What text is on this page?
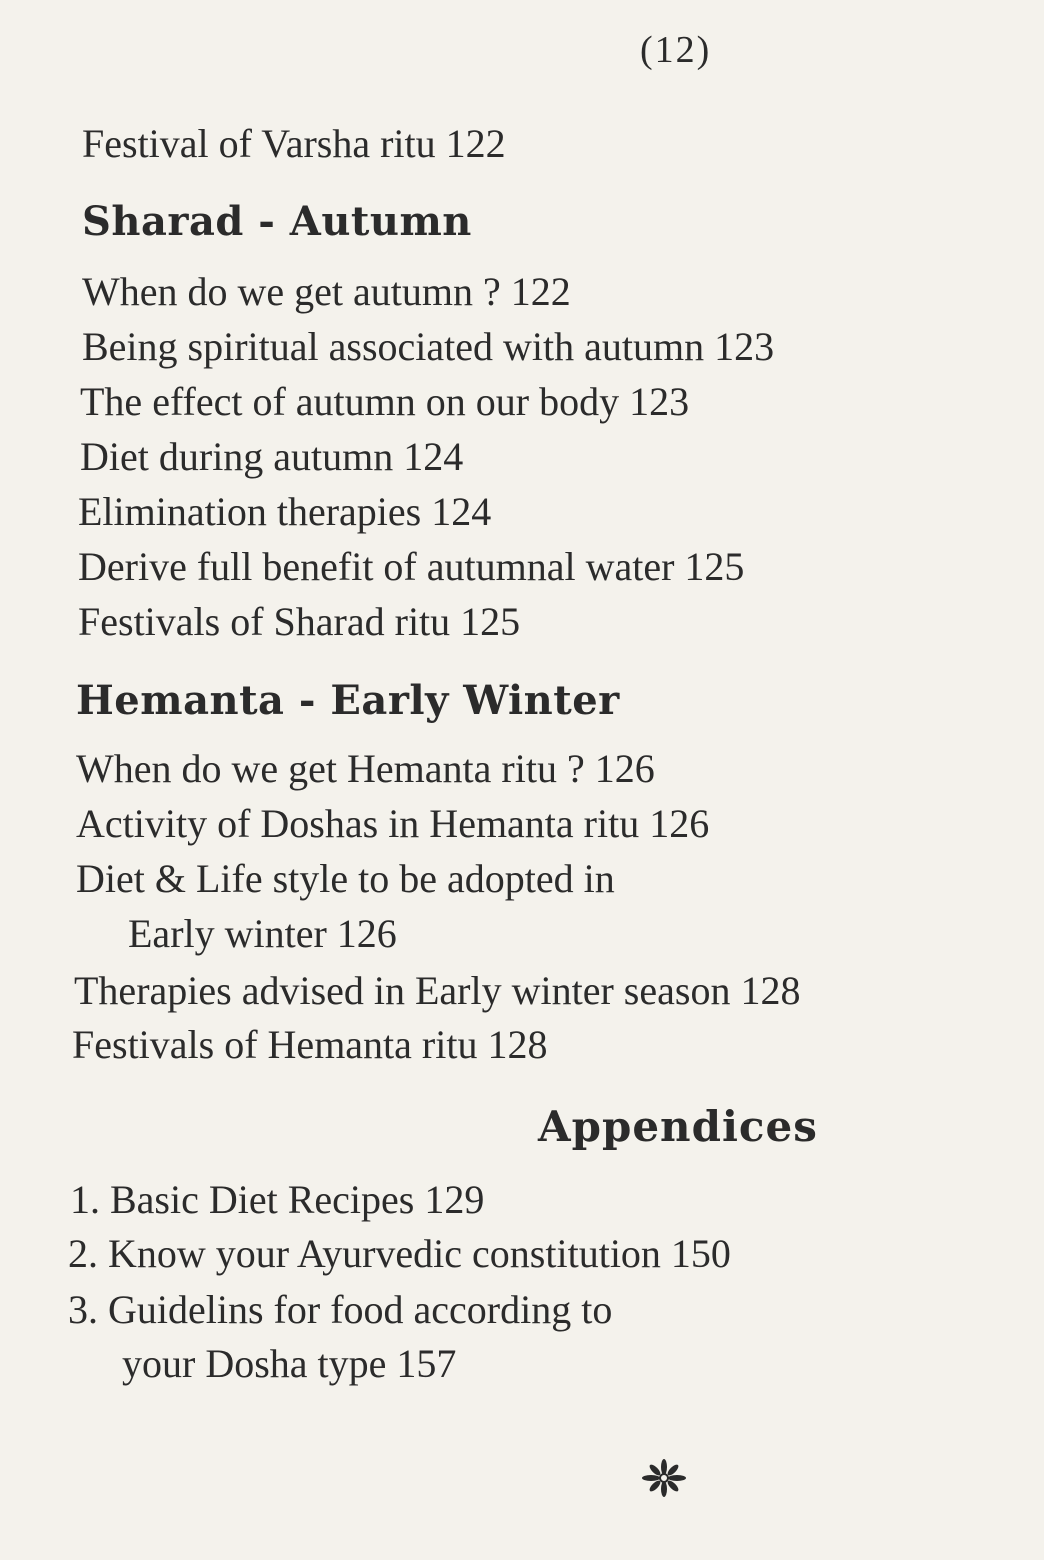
(12)
Festival of Varsha ritu 122
Sharad - Autumn
When do we get autumn ? 122
Being spiritual associated with autumn 123
The effect of autumn on our body 123
Diet during autumn 124
Elimination therapies 124
Derive full benefit of autumnal water 125
Festivals of Sharad ritu 125
Hemanta - Early Winter
When do we get Hemanta ritu ? 126
Activity of Doshas in Hemanta ritu 126
Diet & Life style to be adopted in
Early winter 126
Therapies advised in Early winter season 128
Festivals of Hemanta ritu 128
Appendices
1. Basic Diet Recipes 129
2. Know your Ayurvedic constitution 150
3. Guidelins for food according to
your Dosha type 157
